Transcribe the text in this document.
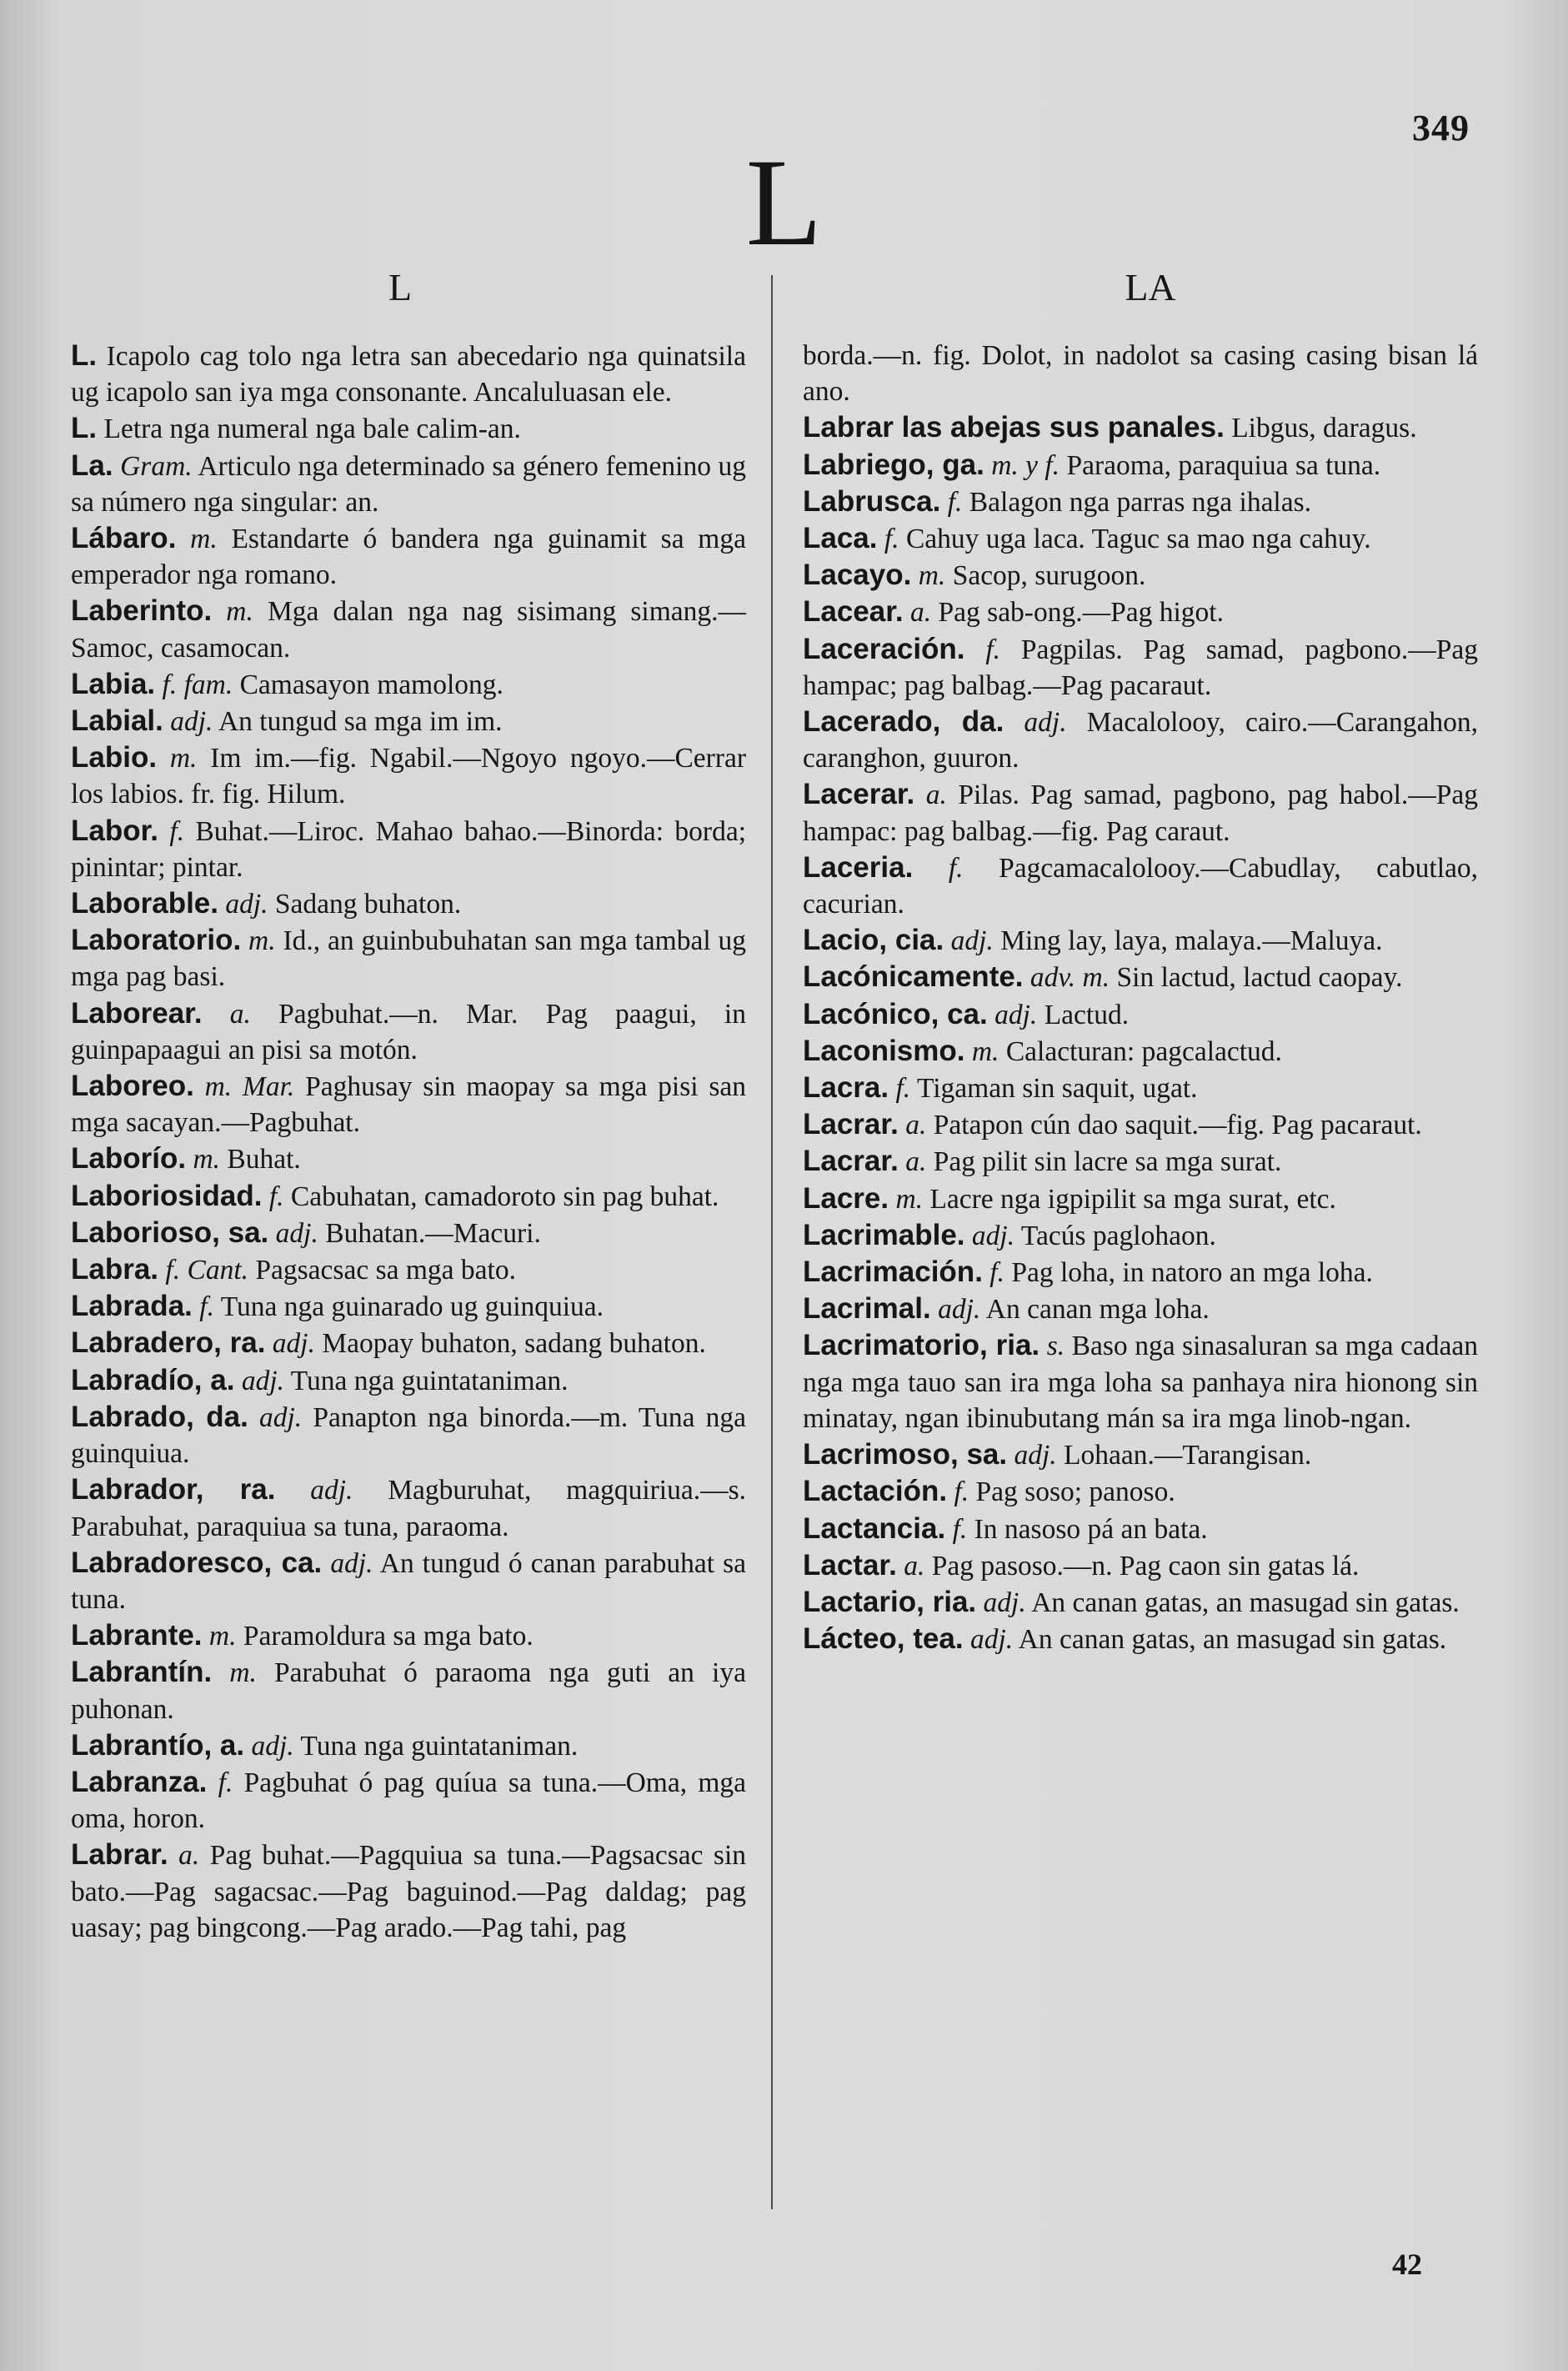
349
L
L	LA

L. Icapolo cag tolo nga letra san abecedario nga quinatsila ug icapolo san iya mga consonante. Ancaluluasan ele.

L. Letra nga numeral nga bale calim-an.

La. Gram. Articulo nga determinado sa género femenino ug sa número nga singular: an.

Lábaro. m. Estandarte ó bandera nga guinamit sa mga emperador nga romano.

Laberinto. m. Mga dalan nga nag sisimang simang.—Samoc, casamocan.

Labia. f. fam. Camasayon mamolong.

Labial. adj. An tungud sa mga im im.

Labio. m. Im im.—fig. Ngabil.—Ngoyo ngoyo.—Cerrar los labios. fr. fig. Hilum.

Labor. f. Buhat.—Liroc. Mahao bahao.—Binorda: borda; pinintar; pintar.

Laborable. adj. Sadang buhaton.

Laboratorio. m. Id., an guinbubuhatan san mga tambal ug mga pag basi.

Laborear. a. Pagbuhat.—n. Mar. Pag paagui, in guinpapaagui an pisi sa motón.

Laboreo. m. Mar. Paghusay sin maopay sa mga pisi san mga sacayan.—Pagbuhat.

Laborío. m. Buhat.

Laboriosidad. f. Cabuhatan, camadoroto sin pag buhat.

Laborioso, sa. adj. Buhatan.—Macuri.

Labra. f. Cant. Pagsacsac sa mga bato.

Labrada. f. Tuna nga guinarado ug guinquiua.

Labradero, ra. adj. Maopay buhaton, sadang buhaton.

Labradío, a. adj. Tuna nga guintataniman.

Labrado, da. adj. Panapton nga binorda.—m. Tuna nga guinquiua.

Labrador, ra. adj. Magburuhat, magquiriua.—s. Parabuhat, paraquiua sa tuna, paraoma.

Labradoresco, ca. adj. An tungud ó canan parabuhat sa tuna.

Labrante. m. Paramoldura sa mga bato.

Labrantín. m. Parabuhat ó paraoma nga guti an iya puhonan.

Labrantío, a. adj. Tuna nga guintataniman.

Labranza. f. Pagbuhat ó pag quíua sa tuna.—Oma, mga oma, horon.

Labrar. a. Pag buhat.—Pagquiua sa tuna.—Pagsacsac sin bato.—Pag sagacsac.—Pag baguinod.—Pag daldag; pag uasay; pag bingcong.—Pag arado.—Pag tahi, pag

borda.—n. fig. Dolot, in nadolot sa casing casing bisan lá ano.

Labrar las abejas sus panales. Libgus, daragus.

Labriego, ga. m. y f. Paraoma, paraquiua sa tuna.

Labrusca. f. Balagon nga parras nga ihalas.

Laca. f. Cahuy uga laca. Taguc sa mao nga cahuy.

Lacayo. m. Sacop, surugoon.

Lacear. a. Pag sab-ong.—Pag higot.

Laceración. f. Pagpilas. Pag samad, pagbono.—Pag hampac; pag balbag.—Pag pacaraut.

Lacerado, da. adj. Macalolooy, cairo.—Carangahon, caranghon, guuron.

Lacerar. a. Pilas. Pag samad, pagbono, pag habol.—Pag hampac: pag balbag.—fig. Pag caraut.

Laceria. f. Pagcamacalolooy.—Cabudlay, cabutlao, cacurian.

Lacio, cia. adj. Ming lay, laya, malaya.—Maluya.

Lacónicamente. adv. m. Sin lactud, lactud caopay.

Lacónico, ca. adj. Lactud.

Laconismo. m. Calacturan: pagcalactud.

Lacra. f. Tigaman sin saquit, ugat.

Lacrar. a. Patapon cún dao saquit.—fig. Pag pacaraut.

Lacrar. a. Pag pilit sin lacre sa mga surat.

Lacre. m. Lacre nga igpipilit sa mga surat, etc.

Lacrimable. adj. Tacús paglohaon.

Lacrimación. f. Pag loha, in natoro an mga loha.

Lacrimal. adj. An canan mga loha.

Lacrimatorio, ria. s. Baso nga sinasaluran sa mga cadaan nga mga tauo san ira mga loha sa panhaya nira hionong sin minatay, ngan ibinubutang mán sa ira mga linob-ngan.

Lacrimoso, sa. adj. Lohaan.—Tarangisan.

Lactación. f. Pag soso; panoso.

Lactancia. f. In nasoso pá an bata.

Lactar. a. Pag pasoso.—n. Pag caon sin gatas lá.

Lactario, ria. adj. An canan gatas, an masugad sin gatas.

Lácteo, tea. adj. An canan gatas, an masugad sin gatas.

42
